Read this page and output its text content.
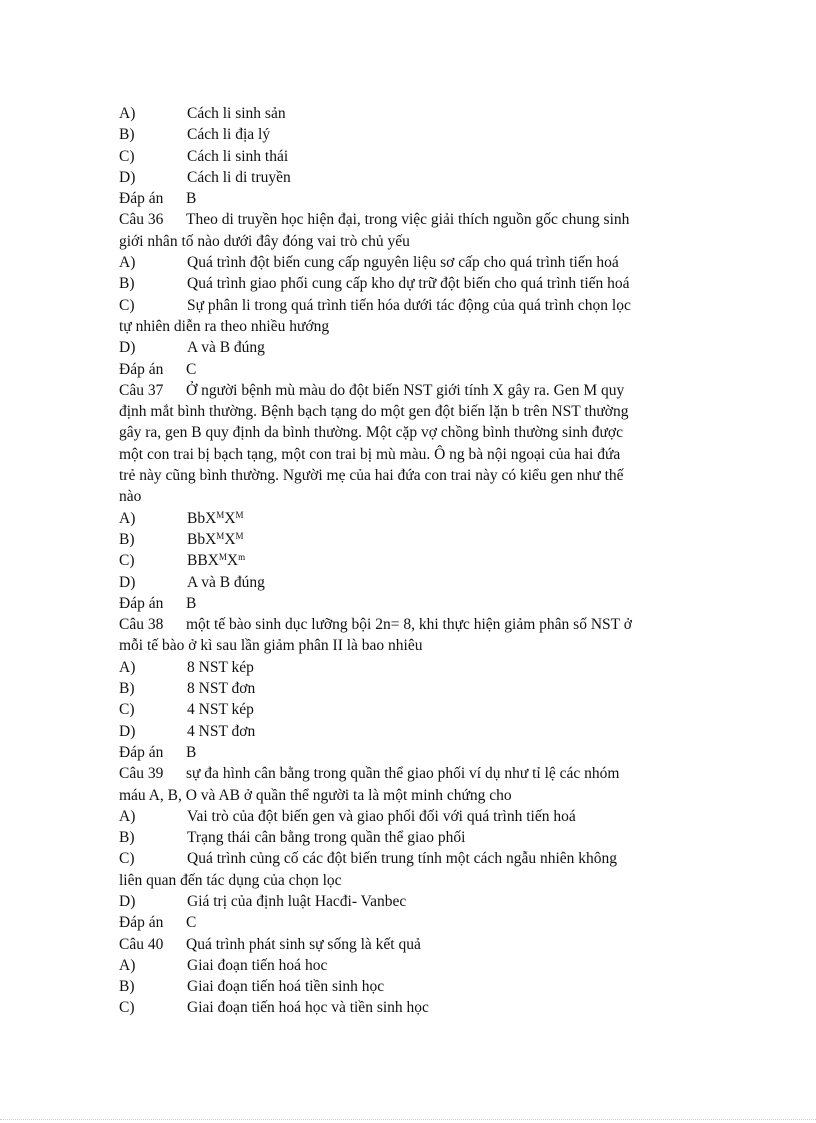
A)	Cách li sinh sản
B)	Cách li địa lý
C)	Cách li sinh thái
D)	Cách li di truyền
Đáp án B
Câu 36 Theo di truyền học hiện đại, trong việc giải thích nguồn gốc chung sinh
giới nhân tố nào dưới đây đóng vai trò chủ yếu
A)	Quá trình đột biến cung cấp nguyên liệu sơ cấp cho quá trình tiến hoá
B)	Quá trình giao phối cung cấp kho dự trữ đột biến cho quá trình tiến hoá
C)	Sự phân li trong quá trình tiến hóa dưới tác động của quá trình chọn lọc
tự nhiên diễn ra theo nhiều hướng
D)	A và B đúng
Đáp án C
Câu 37 Ở người bệnh mù màu do đột biến NST giới tính X gây ra. Gen M quy
định mắt bình thường. Bệnh bạch tạng do một gen đột biến lặn b trên NST thường
gây ra, gen B quy định da bình thường. Một cặp vợ chồng bình thường sinh được
một con trai bị bạch tạng, một con trai bị mù màu. Ô ng bà nội ngoại của hai đứa
trẻ này cũng bình thường. Người mẹ của hai đứa con trai này có kiểu gen như thế
nào
A)	$BbX^MX^M$
B)	$BbX^MX^M$
C)	$BBX^MX^m$
D)	A và B đúng
Đáp án B
Câu 38 một tế bào sinh dục lưỡng bội 2n= 8, khi thực hiện giảm phân số NST ở
mỗi tế bào ở kì sau lần giảm phân II là bao nhiêu
A)	8 NST kép
B)	8 NST đơn
C)	4 NST kép
D)	4 NST đơn
Đáp án B
Câu 39 sự đa hình cân bằng trong quần thể giao phối ví dụ như tỉ lệ các nhóm
máu A, B, O và AB ở quần thể người ta là một minh chứng cho
A)	Vai trò của đột biến gen và giao phối đối với quá trình tiến hoá
B)	Trạng thái cân bằng trong quần thể giao phối
C)	Quá trình củng cố các đột biến trung tính một cách ngẫu nhiên không
liên quan đến tác dụng của chọn lọc
D)	Giá trị của định luật Hacđi- Vanbec
Đáp án C
Câu 40 Quá trình phát sinh sự sống là kết quả
A)	Giai đoạn tiến hoá hoc
B)	Giai đoạn tiến hoá tiền sinh học
C)	Giai đoạn tiến hoá học và tiền sinh học
